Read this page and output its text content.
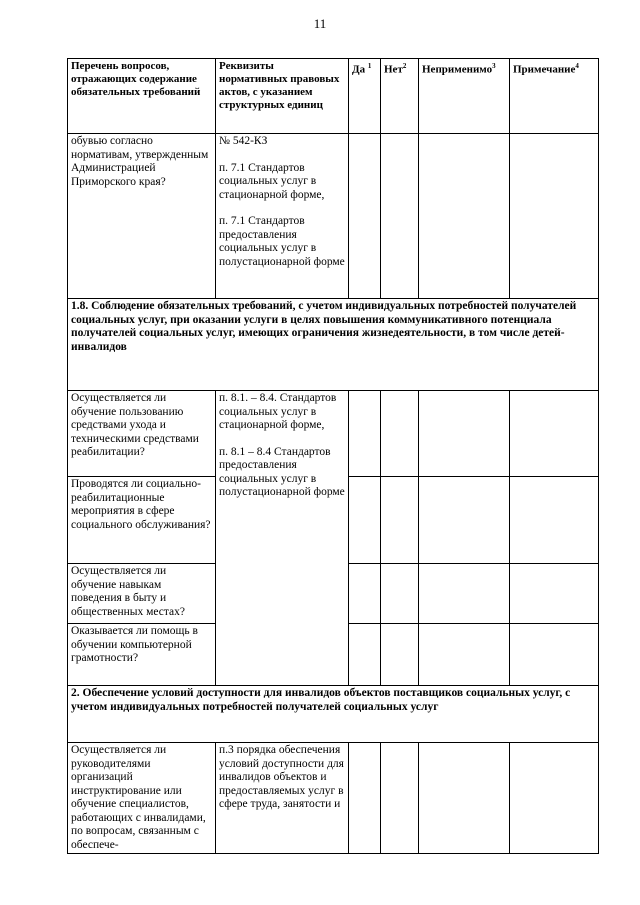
11
Перечень вопросов, отражающих содержание обязательных требований	Реквизиты нормативных правовых актов, с указанием структурных единиц	Да $^1$	Нет$^2$	Неприменимо$^3$	Примечание$^4$
обувью согласно нормативам, утвержденным Администрацией Приморского края?	№ 542-КЗ

п. 7.1 Стандартов социальных услуг в стационарной форме,

п. 7.1 Стандартов предоставления социальных услуг в полустационарной форме				

1.8. Соблюдение обязательных требований, с учетом индивидуальных потребностей получателей социальных услуг, при оказании услуги в целях повышения коммуникативного потенциала получателей социальных услуг, имеющих ограничения жизнедеятельности, в том числе детей-инвалидов					
Осуществляется ли обучение пользованию средствами ухода и техническими средствами реабилитации?	п. 8.1. – 8.4. Стандартов социальных услуг в стационарной форме,

п. 8.1 – 8.4 Стандартов предоставления социальных услуг в полустационарной форме				

Проводятся ли социально-реабилитационные мероприятия в сфере социального обслуживания?					
Осуществляется ли обучение навыкам поведения в быту и общественных местах?					
Оказывается ли помощь в обучении компьютерной грамотности?					
2. Обеспечение условий доступности для инвалидов объектов поставщиков социальных услуг, с учетом индивидуальных потребностей получателей социальных услуг					
Осуществляется ли руководителями организаций инструктирование или обучение специалистов, работающих с инвалидами, по вопросам, связанным с обеспече-	п.3 порядка обеспечения условий доступности для инвалидов объектов и предоставляемых услуг в сфере труда, занятости и				
